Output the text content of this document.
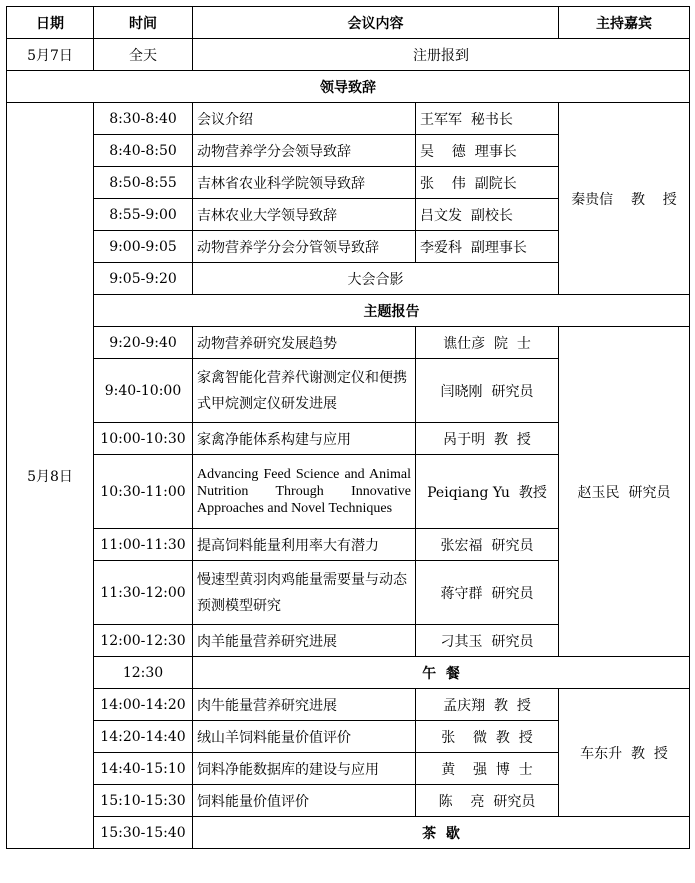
日期	时间	会议内容		主持嘉宾
5月7日	全天	注册报到		
领导致辞				
5月8日	8:30-8:40	会议介绍	王军军  秘书长	秦贵信    教    授
	8:40-8:50	动物营养学分会领导致辞	吴    德  理事长	
	8:50-8:55	吉林省农业科学院领导致辞	张    伟  副院长	
	8:55-9:00	吉林农业大学领导致辞	吕文发  副校长	
	9:00-9:05	动物营养学分会分管领导致辞	李爱科  副理事长	
	9:05-9:20	大会合影		
	主题报告			
	9:20-9:40	动物营养研究发展趋势	谯仕彦  院  士	赵玉民  研究员
	9:40-10:00	家禽智能化营养代谢测定仪和便携式甲烷测定仪研发进展	闫晓刚  研究员	
	10:00-10:30	家禽净能体系构建与应用	呙于明  教  授	
	10:30-11:00	Advancing Feed Science and Animal Nutrition Through Innovative Approaches and Novel Techniques	Peiqiang Yu  教授	
	11:00-11:30	提高饲料能量利用率大有潜力	张宏福  研究员	
	11:30-12:00	慢速型黄羽肉鸡能量需要量与动态预测模型研究	蒋守群  研究员	
	12:00-12:30	肉羊能量营养研究进展	刁其玉  研究员	
	12:30	午  餐		
	14:00-14:20	肉牛能量营养研究进展	孟庆翔  教  授	车东升  教  授
	14:20-14:40	绒山羊饲料能量价值评价	张    微  教  授	
	14:40-15:10	饲料净能数据库的建设与应用	黄    强  博  士	
	15:10-15:30	饲料能量价值评价	陈    亮  研究员	
	15:30-15:40	茶  歇		
